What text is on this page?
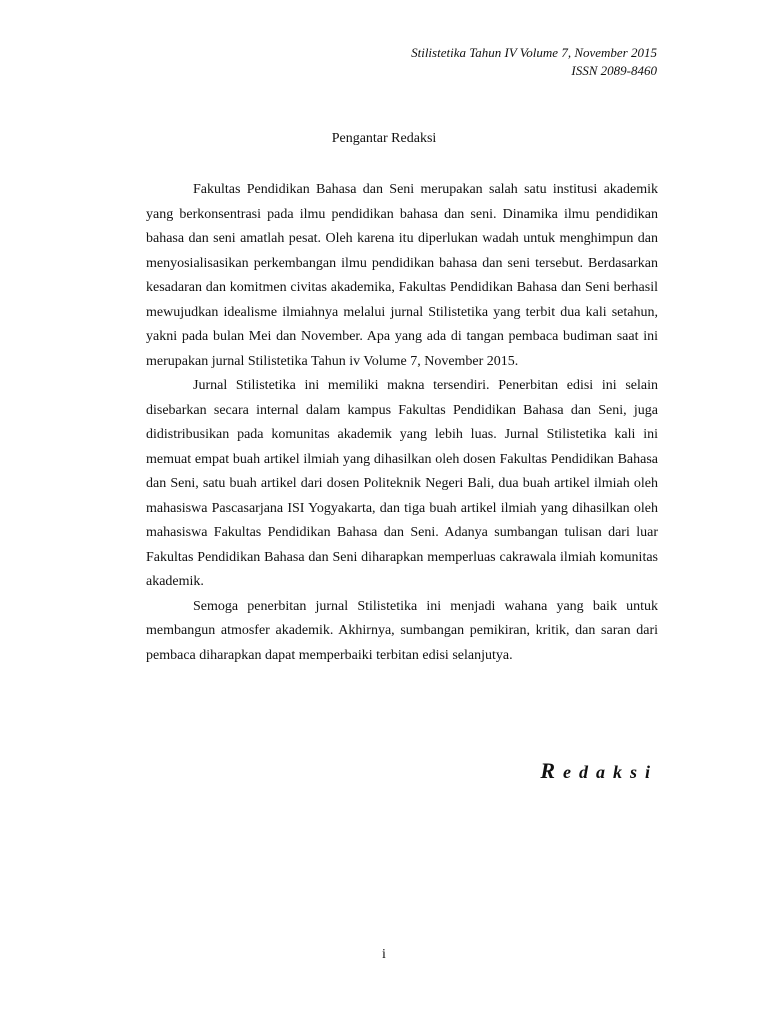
Stilistetika Tahun IV Volume 7, November 2015
ISSN 2089-8460
Pengantar Redaksi

Fakultas Pendidikan Bahasa dan Seni merupakan salah satu institusi akademik yang berkonsentrasi pada ilmu pendidikan bahasa dan seni. Dinamika ilmu pendidikan bahasa dan seni amatlah pesat. Oleh karena itu diperlukan wadah untuk menghimpun dan menyosialisasikan perkembangan ilmu pendidikan bahasa dan seni tersebut. Berdasarkan kesadaran dan komitmen civitas akademika, Fakultas Pendidikan Bahasa dan Seni berhasil mewujudkan idealisme ilmiahnya melalui jurnal Stilistetika yang terbit dua kali setahun, yakni pada bulan Mei dan November. Apa yang ada di tangan pembaca budiman saat ini merupakan jurnal Stilistetika Tahun iv Volume 7, November 2015.

Jurnal Stilistetika ini memiliki makna tersendiri. Penerbitan edisi ini selain disebarkan secara internal dalam kampus Fakultas Pendidikan Bahasa dan Seni, juga didistribusikan pada komunitas akademik yang lebih luas. Jurnal Stilistetika kali ini memuat empat buah artikel ilmiah yang dihasilkan oleh dosen Fakultas Pendidikan Bahasa dan Seni, satu buah artikel dari dosen Politeknik Negeri Bali, dua buah artikel ilmiah oleh mahasiswa Pascasarjana ISI Yogyakarta, dan tiga buah artikel ilmiah yang dihasilkan oleh mahasiswa Fakultas Pendidikan Bahasa dan Seni. Adanya sumbangan tulisan dari luar Fakultas Pendidikan Bahasa dan Seni diharapkan memperluas cakrawala ilmiah komunitas akademik.

Semoga penerbitan jurnal Stilistetika ini menjadi wahana yang baik untuk membangun atmosfer akademik. Akhirnya, sumbangan pemikiran, kritik, dan saran dari pembaca diharapkan dapat memperbaiki terbitan edisi selanjutya.

Redaksi
i
